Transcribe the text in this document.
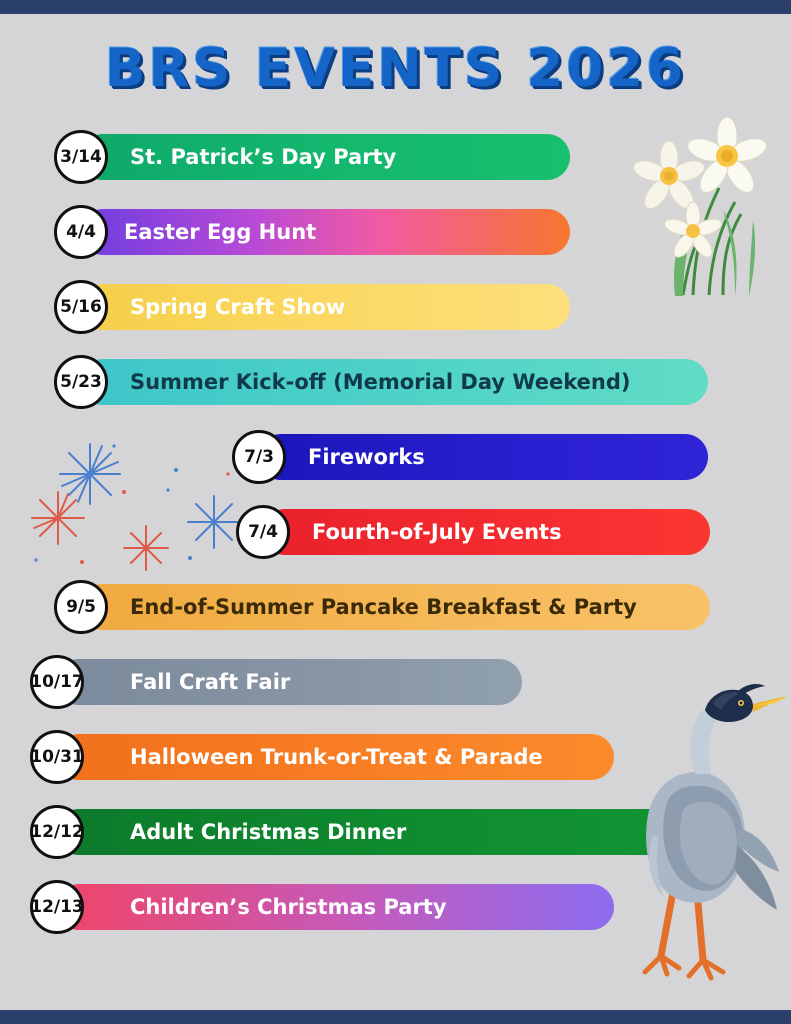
BRS EVENTS 2026
St. Patrick’s Day Party
3/14
Easter Egg Hunt
4/4
Spring Craft Show
5/16
Summer Kick-off (Memorial Day Weekend)
5/23
Fireworks
7/3
Fourth-of-July Events
7/4
End-of-Summer Pancake Breakfast & Party
9/5
Fall Craft Fair
10/17
Halloween Trunk-or-Treat & Parade
10/31
Adult Christmas Dinner
12/12
Children’s Christmas Party
12/13
